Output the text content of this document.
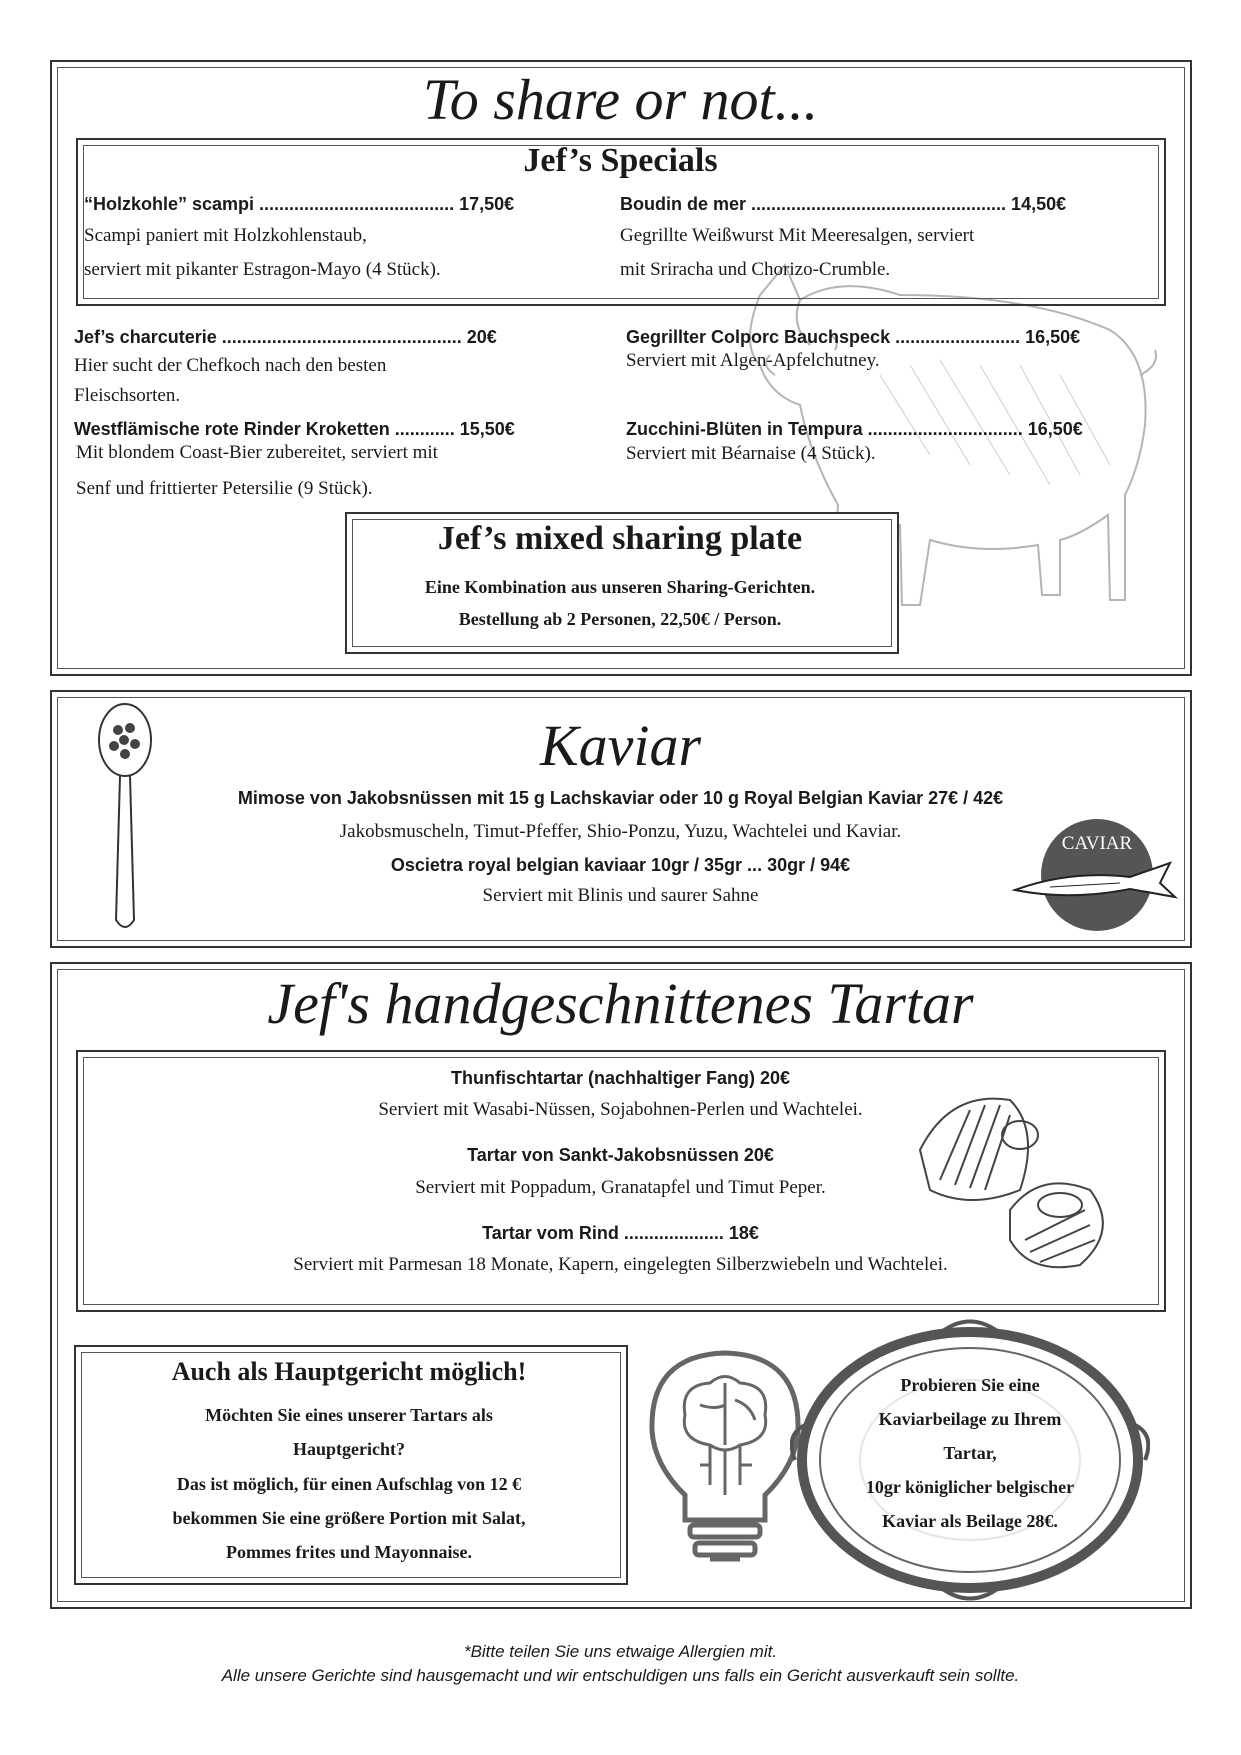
To share or not...
Jef’s Specials
“Holzkohle” scampi ....................................... 17,50€
Scampi paniert mit Holzkohlenstaub,
serviert mit pikanter Estragon-Mayo (4 Stück).
Boudin de mer ................................................... 14,50€
Gegrillte Weißwurst Mit Meeresalgen, serviert
mit Sriracha und Chorizo-Crumble.
Jef’s charcuterie ................................................ 20€
Hier sucht der Chefkoch nach den besten
Fleischsorten.
Gegrillter Colporc Bauchspeck ......................... 16,50€
Serviert mit Algen-Apfelchutney.
Westflämische rote Rinder Kroketten ............ 15,50€
Mit blondem Coast-Bier zubereitet, serviert mit
Senf und frittierter Petersilie (9 Stück).
Zucchini-Blüten in Tempura ............................... 16,50€
Serviert mit Béarnaise (4 Stück).
Jef’s mixed sharing plate
Eine Kombination aus unseren Sharing-Gerichten.
Bestellung ab 2 Personen, 22,50€ / Person.
Kaviar
Mimose von Jakobsnüssen mit 15 g Lachskaviar oder 10 g Royal Belgian Kaviar 27€ / 42€
Jakobsmuscheln, Timut-Pfeffer, Shio-Ponzu, Yuzu, Wachtelei und Kaviar.
Oscietra royal belgian kaviaar 10gr / 35gr ... 30gr / 94€
Serviert mit Blinis und saurer Sahne
CAVIAR
Jef's handgeschnittenes Tartar
Thunfischtartar (nachhaltiger Fang) 20€
Serviert mit Wasabi-Nüssen, Sojabohnen-Perlen und Wachtelei.
Tartar von Sankt-Jakobsnüssen 20€
Serviert mit Poppadum, Granatapfel und Timut Peper.
Tartar vom Rind .................... 18€
Serviert mit Parmesan 18 Monate, Kapern, eingelegten Silberzwiebeln und Wachtelei.
Auch als Hauptgericht möglich!
Möchten Sie eines unserer Tartars als
Hauptgericht?
Das ist möglich, für einen Aufschlag von 12 €
bekommen Sie eine größere Portion mit Salat,
Pommes frites und Mayonnaise.
Probieren Sie eine
Kaviarbeilage zu Ihrem
Tartar,
10gr königlicher belgischer
Kaviar als Beilage 28€.
*Bitte teilen Sie uns etwaige Allergien mit.
Alle unsere Gerichte sind hausgemacht und wir entschuldigen uns falls ein Gericht ausverkauft sein sollte.
